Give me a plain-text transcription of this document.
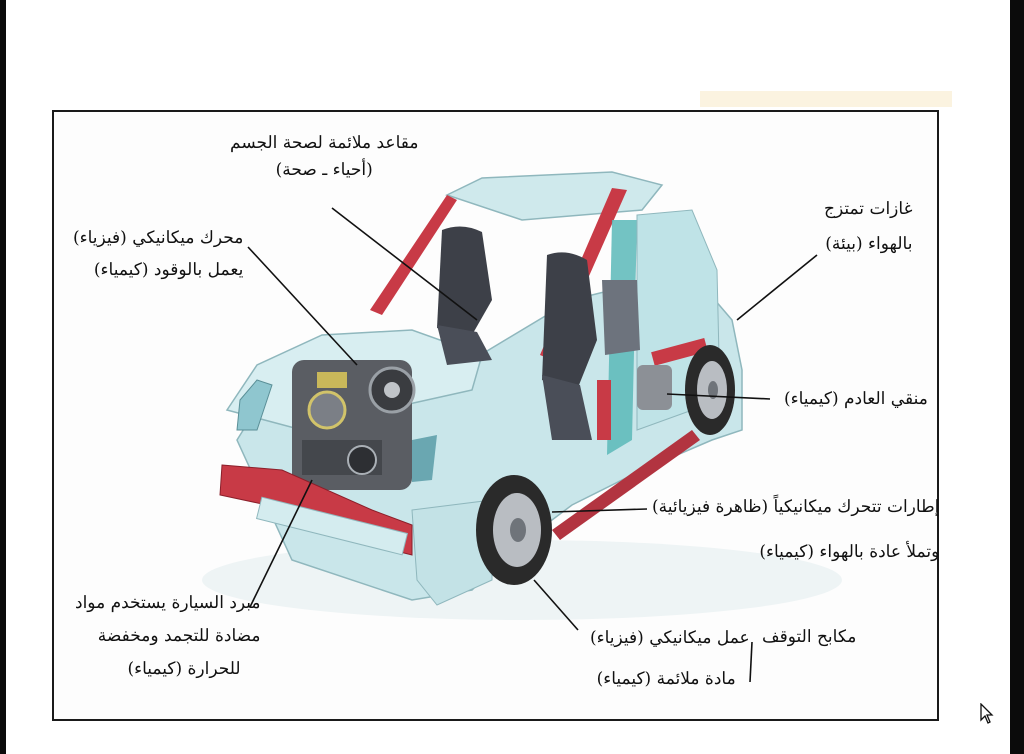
مقاعد ملائمة لصحة الجسم
(أحياء ـ صحة)
محرك ميكانيكي (فيزياء)
يعمل بالوقود (كيمياء)
غازات تمتزج
بالهواء (بيئة)
منقي العادم (كيمياء)
إطارات تتحرك ميكانيكياً (ظاهرة فيزيائية)
وتملأ عادة بالهواء (كيمياء)
مبرد السيارة يستخدم مواد
مضادة للتجمد ومخفضة
للحرارة (كيمياء)
مكابح التوقف
عمل ميكانيكي (فيزياء)
مادة ملائمة (كيمياء)
